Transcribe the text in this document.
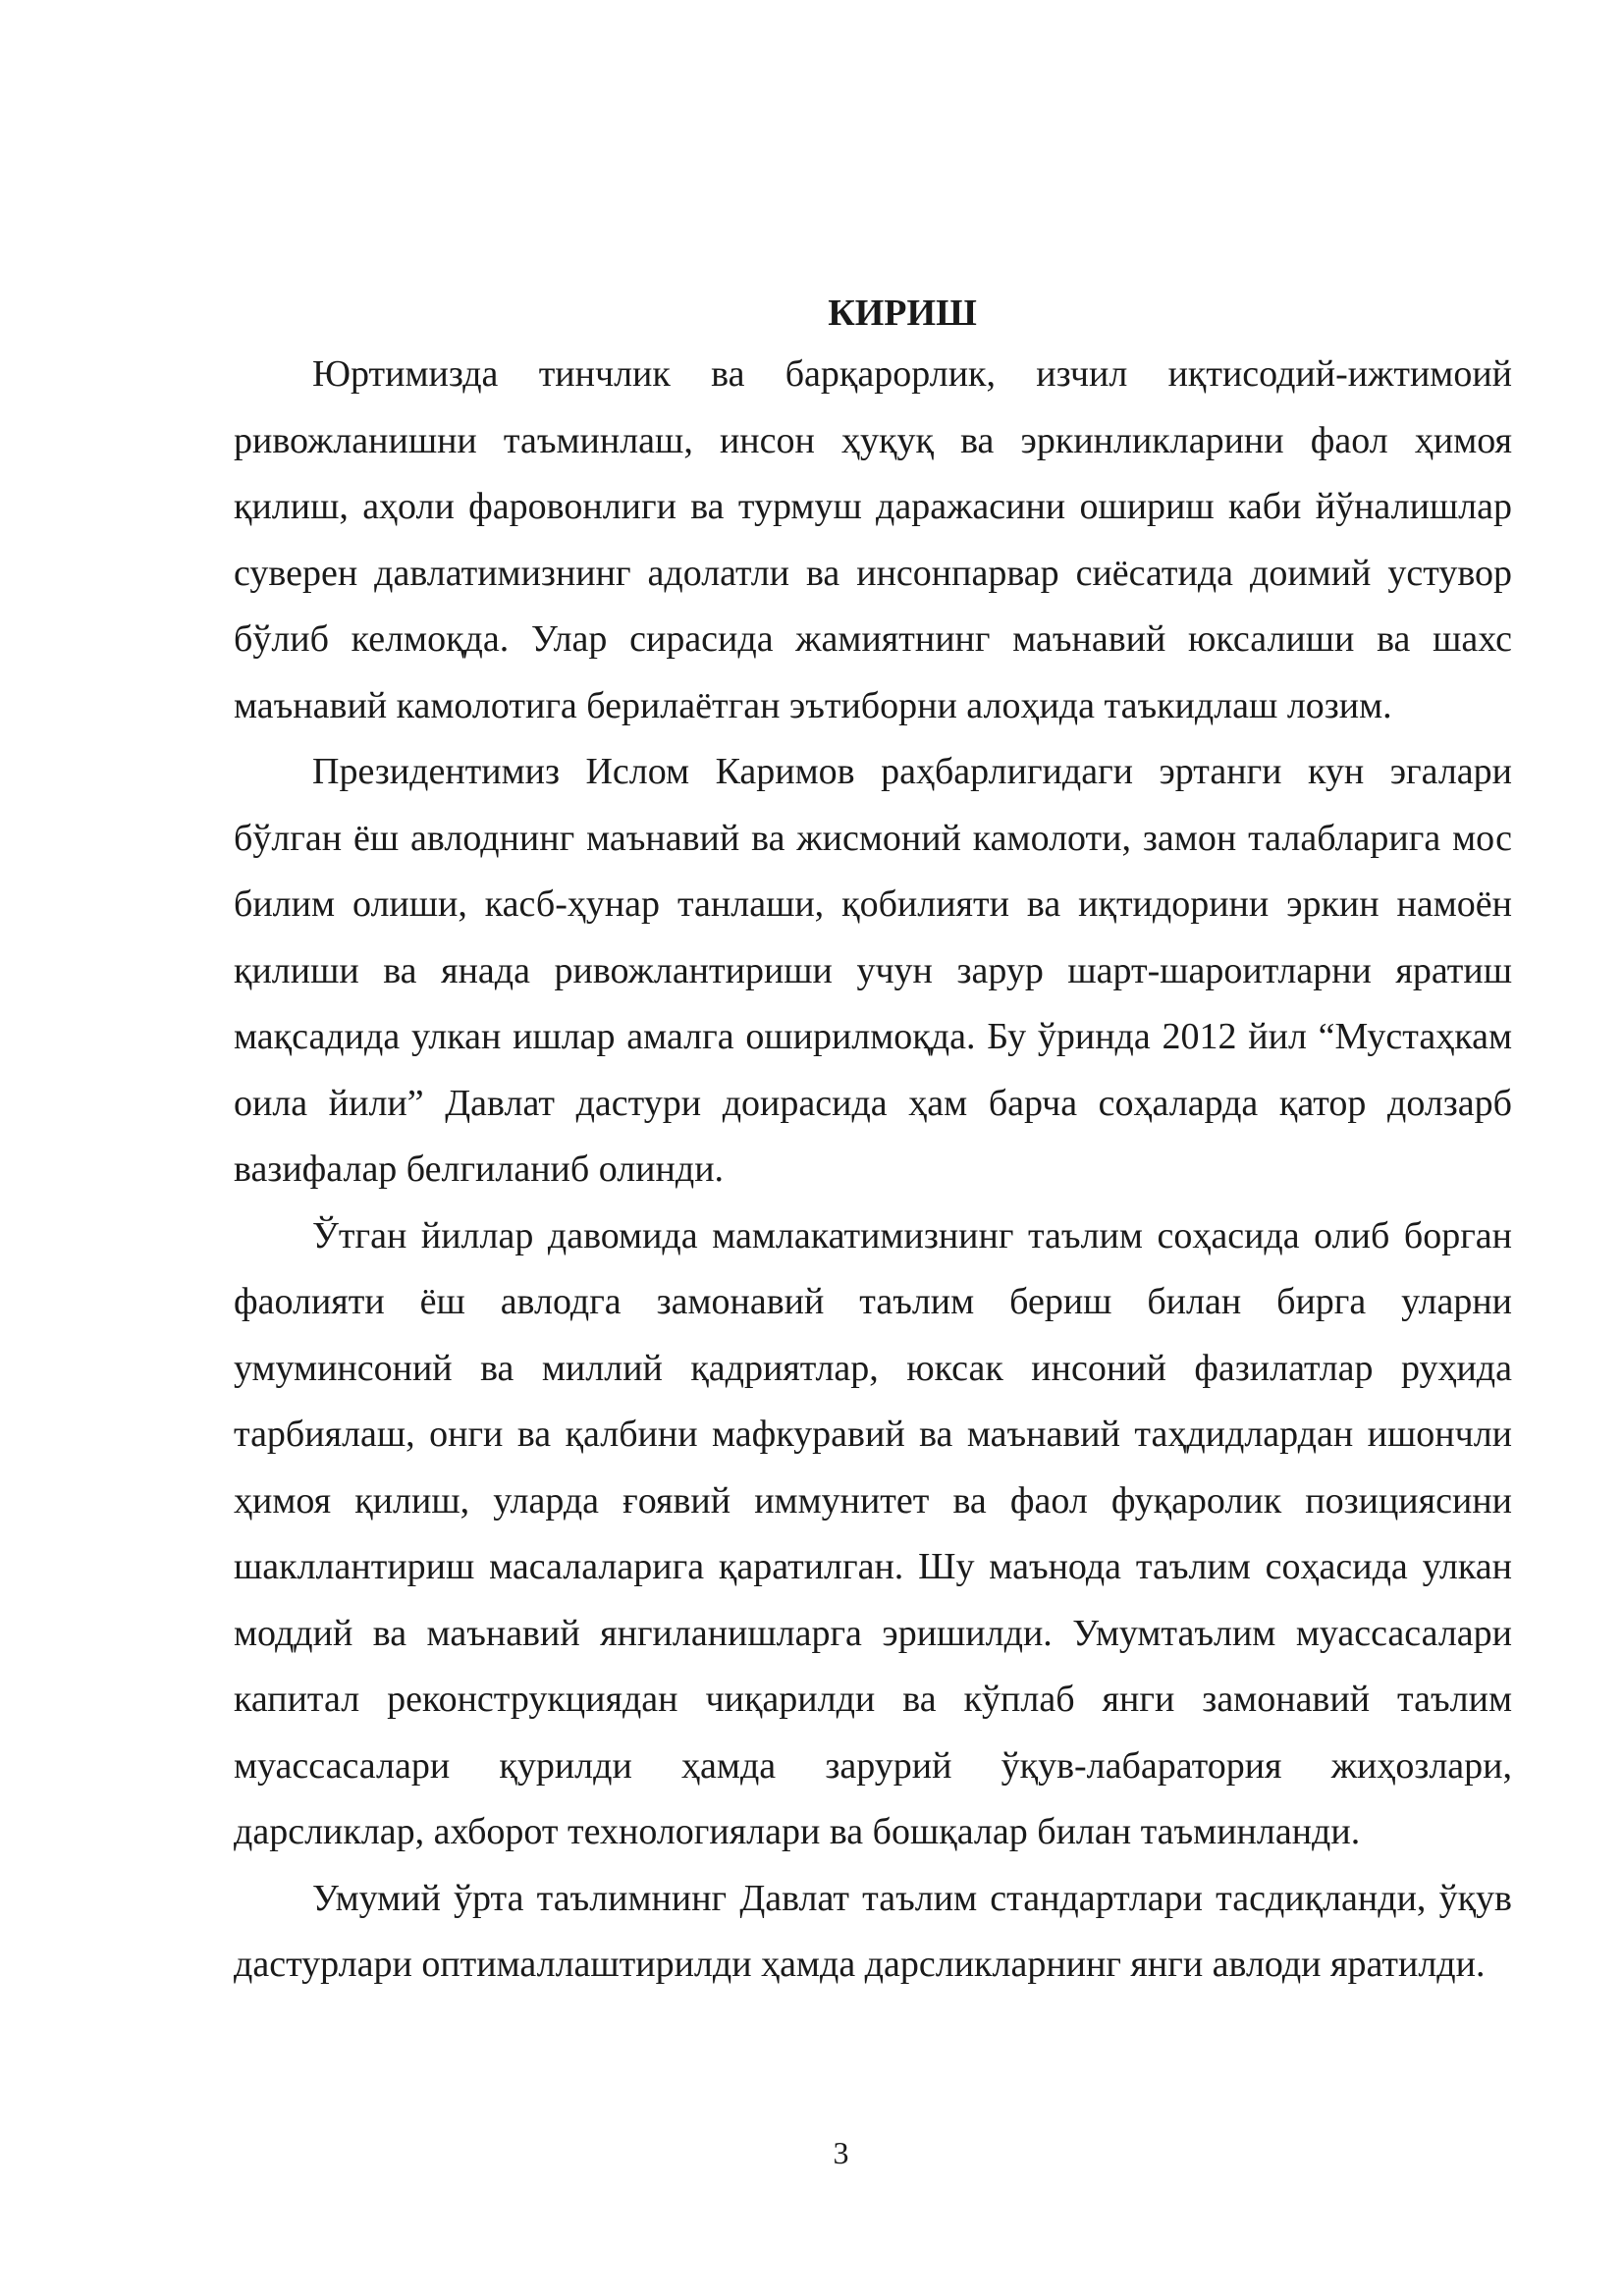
КИРИШ

Юртимизда тинчлик ва барқарорлик, изчил иқтисодий-ижтимоий ривожланишни таъминлаш, инсон ҳуқуқ ва эркинликларини фаол ҳимоя қилиш, аҳоли фаровонлиги ва турмуш даражасини ошириш каби йўналишлар суверен давлатимизнинг адолатли ва инсонпарвар сиёсатида доимий устувор бўлиб келмоқда. Улар сирасида жамиятнинг маънавий юксалиши ва шахс маънавий камолотига берилаётган эътиборни алоҳида таъкидлаш лозим.

Президентимиз Ислом Каримов раҳбарлигидаги эртанги кун эгалари бўлган ёш авлоднинг маънавий ва жисмоний камолоти, замон талабларига мос билим олиши, касб-ҳунар танлаши, қобилияти ва иқтидорини эркин намоён қилиши ва янада ривожлантириши учун зарур шарт-шароитларни яратиш мақсадида улкан ишлар амалга оширилмоқда. Бу ўринда 2012 йил “Мустаҳкам оила йили” Давлат дастури доирасида ҳам барча соҳаларда қатор долзарб вазифалар белгиланиб олинди.

Ўтган йиллар давомида мамлакатимизнинг таълим соҳасида олиб борган фаолияти ёш авлодга замонавий таълим бериш билан бирга уларни умуминсоний ва миллий қадриятлар, юксак инсоний фазилатлар руҳида тарбиялаш, онги ва қалбини мафкуравий ва маънавий таҳдидлардан ишончли ҳимоя қилиш, уларда ғоявий иммунитет ва фаол фуқаролик позициясини шакллантириш масалаларига қаратилган. Шу маънода таълим соҳасида улкан моддий ва маънавий янгиланишларга эришилди. Умумтаълим муассасалари капитал реконструкциядан чиқарилди ва кўплаб янги замонавий таълим муассасалари қурилди ҳамда зарурий ўқув-лабаратория жиҳозлари, дарсликлар, ахборот технологиялари ва бошқалар билан таъминланди.

Умумий ўрта таълимнинг Давлат таълим стандартлари тасдиқланди, ўқув дастурлари оптималлаштирилди ҳамда дарсликларнинг янги авлоди яратилди.

3
